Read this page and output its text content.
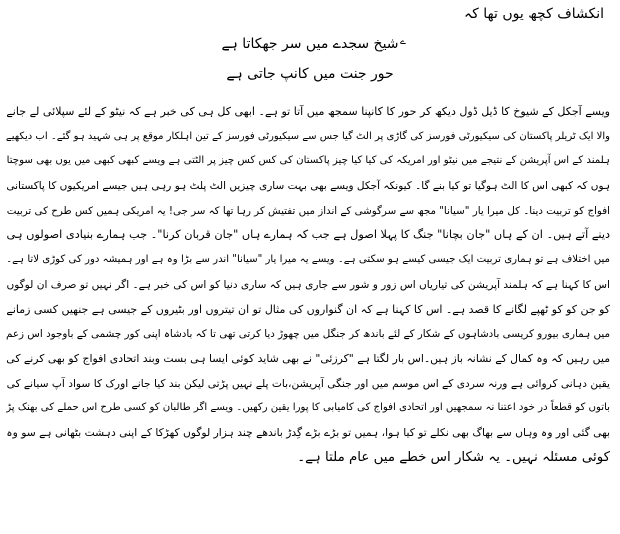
انکشاف کچھ یوں تھا کہ
ے
شیخ سجدے میں سر جھکاتا ہے
حور جنت میں کانپ جاتی ہے
ویسے آجکل کے شیوخ کا ڈیل ڈول دیکھ کر حور کا کانپنا سمجھ میں آتا تو ہے۔ ابھی کل ہی کی خبر ہے کہ نیٹو کے لئے سپلائی لے جانے
والا ایک ٹریلر پاکستان کی سیکیورٹی فورسز کی گاڑی پر الٹ گیا جس سے سیکیورٹی فورسز کے تین اہلکار موقع پر ہی شہید ہو گئے۔ اب دیکھیے
ہلمند کے اس آپریشن کے نتیجے میں نیٹو اور امریکہ کی کیا کیا چیز پاکستان کی کس کس چیز پر الٹتی ہے ویسے کبھی کبھی میں یوں بھی سوچتا
ہوں کہ کبھی اس کا الٹ ہوگیا تو کیا بنے گا۔ کیونکہ آجکل ویسے بھی بہت ساری چیزیں الٹ پلٹ ہو رہی ہیں جیسے امریکیوں کا پاکستانی
افواج کو تربیت دینا۔ کل میرا یار "سیانا" مجھ سے سرگوشی کے انداز میں تفتیش کر رہا تھا کہ سر جی! یہ امریکی ہمیں کس طرح کی تربیت
دینے آتے ہیں۔ ان کے ہاں "جان بچانا" جنگ کا پہلا اصول ہے جب کہ ہمارے ہاں "جان قربان کرنا"۔ جب ہمارے بنیادی اصولوں ہی
میں اختلاف ہے تو ہماری تربیت ایک جیسی کیسے ہو سکتی ہے۔ ویسے یہ میرا یار "سیانا" اندر سے بڑا وہ ہے اور ہمیشہ دور کی کوڑی لاتا ہے۔
اس کا کہنا ہے کہ ہلمند آپریشن کی تیاریاں اس زور و شور سے جاری ہیں کہ ساری دنیا کو اس کی خبر ہے۔ اگر نہیں تو صرف ان لوگوں
کو جن کو کو ٹھپے لگانے کا قصد ہے۔ اس کا کہنا ہے کہ ان گنواروں کی مثال تو ان تیتروں اور بٹیروں کے جیسی ہے جنھیں کسی زمانے
میں ہماری بیورو کریسی بادشاہوں کے شکار کے لئے باندھ کر جنگل میں چھوڑ دیا کرتی تھی تا کہ بادشاہ اپنی کور چشمی کے باوجود اس زعم
میں رہیں کہ وہ کمال کے نشانہ باز ہیں۔اس بار لگتا ہے "کرزئی" نے بھی شاید کوئی ایسا ہی بست وبند اتحادی افواج کو بھی کرنے کی
یقین دہانی کروائی ہے ورنہ سردی کے اس موسم میں اور جنگی آپریشن،بات پلے نہیں پڑتی لیکن بند کیا جانے اورک کا سواد آپ سیانے کی
باتوں کو قطعاً در خود اعتنا نہ سمجھیں اور اتحادی افواج کی کامیابی کا پورا یقین رکھیں۔ ویسے اگر طالبان کو کسی طرح اس حملے کی بھنک پڑ
بھی گئی اور وہ وہاں سے بھاگ بھی نکلے تو کیا ہوا، ہمیں تو بڑے بڑے گِدڑ باندھے چند ہزار لوگوں کھڑکا کے اپنی دہشت بٹھانی ہے سو وہ
کوئی مسئلہ نہیں۔ یہ شکار اس خطے میں عام ملتا ہے۔
